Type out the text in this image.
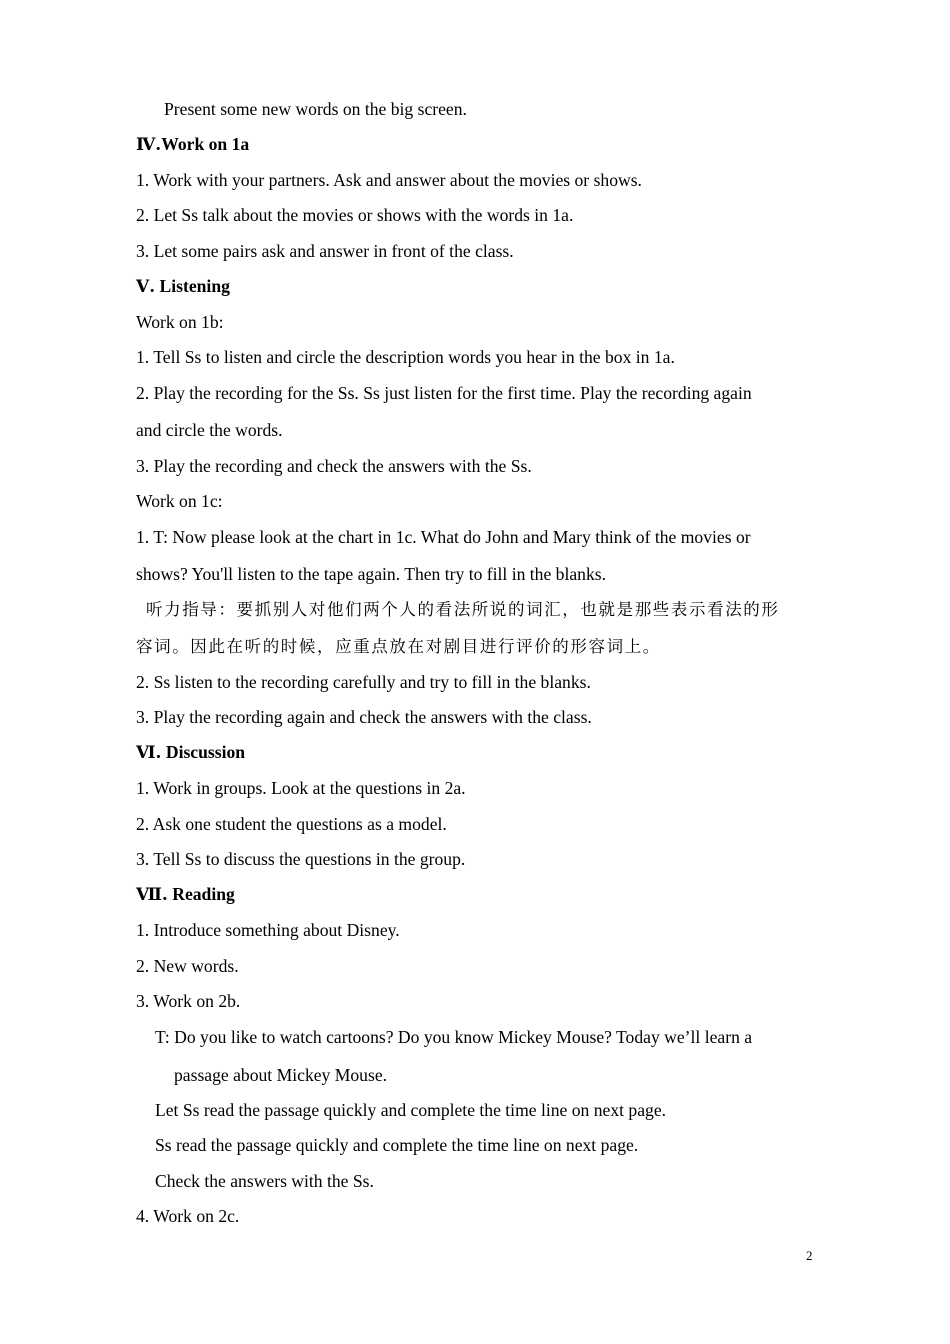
Present some new words on the big screen.
Ⅳ.Work on 1a
1. Work with your partners. Ask and answer about the movies or shows.
2. Let Ss talk about the movies or shows with the words in 1a.
3. Let some pairs ask and answer in front of the class.
Ⅴ. Listening
Work on 1b:
1. Tell Ss to listen and circle the description words you hear in the box in 1a.
2. Play the recording for the Ss. Ss just listen for the first time. Play the recording again
and circle the words.
3. Play the recording and check the answers with the Ss.
Work on 1c:
1. T: Now please look at the chart in 1c. What do John and Mary think of the movies or
shows? You'll listen to the tape again. Then try to fill in the blanks.
听力指导：要抓别人对他们两个人的看法所说的词汇，也就是那些表示看法的形
容词。因此在听的时候，应重点放在对剧目进行评价的形容词上。
2. Ss listen to the recording carefully and try to fill in the blanks.
3. Play the recording again and check the answers with the class.
Ⅵ. Discussion
1. Work in groups. Look at the questions in 2a.
2. Ask one student the questions as a model.
3. Tell Ss to discuss the questions in the group.
Ⅶ. Reading
1. Introduce something about Disney.
2. New words.
3. Work on 2b.
T: Do you like to watch cartoons? Do you know Mickey Mouse? Today we’ll learn a
passage about Mickey Mouse.
Let Ss read the passage quickly and complete the time line on next page.
Ss read the passage quickly and complete the time line on next page.
Check the answers with the Ss.
4. Work on 2c.
2
